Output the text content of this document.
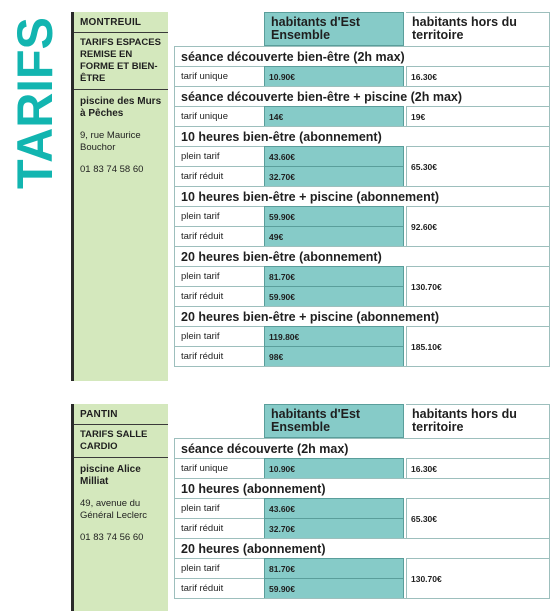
TARIFS	MONTREUIL
TARIFS ESPACES REMISE EN FORME ET BIEN-ÊTRE
piscine des Murs à Pêches
9, rue Maurice Bouchor
01 83 74 58 60
habitants d'Est Ensemble
habitants hors du territoire
séance découverte bien-être (2h max)
tarif unique	10.90€	16.30€
séance découverte bien-être + piscine (2h max)
tarif unique	14€	19€
10 heures bien-être (abonnement)
plein tarif	43.60€
tarif réduit	32.70€
65.30€
10 heures bien-être + piscine (abonnement)
plein tarif	59.90€
tarif réduit	49€
92.60€
20 heures bien-être (abonnement)
plein tarif	81.70€
tarif réduit	59.90€
130.70€
20 heures bien-être + piscine (abonnement)
plein tarif	119.80€
tarif réduit	98€
185.10€
PANTIN
TARIFS SALLE CARDIO
piscine Alice Milliat
49, avenue du Général Leclerc
01 83 74 56 60
habitants d'Est Ensemble
habitants hors du territoire
séance découverte (2h max)
tarif unique	10.90€	16.30€
10 heures (abonnement)
plein tarif	43.60€
tarif réduit	32.70€
65.30€
20 heures (abonnement)
plein tarif	81.70€
tarif réduit	59.90€
130.70€
